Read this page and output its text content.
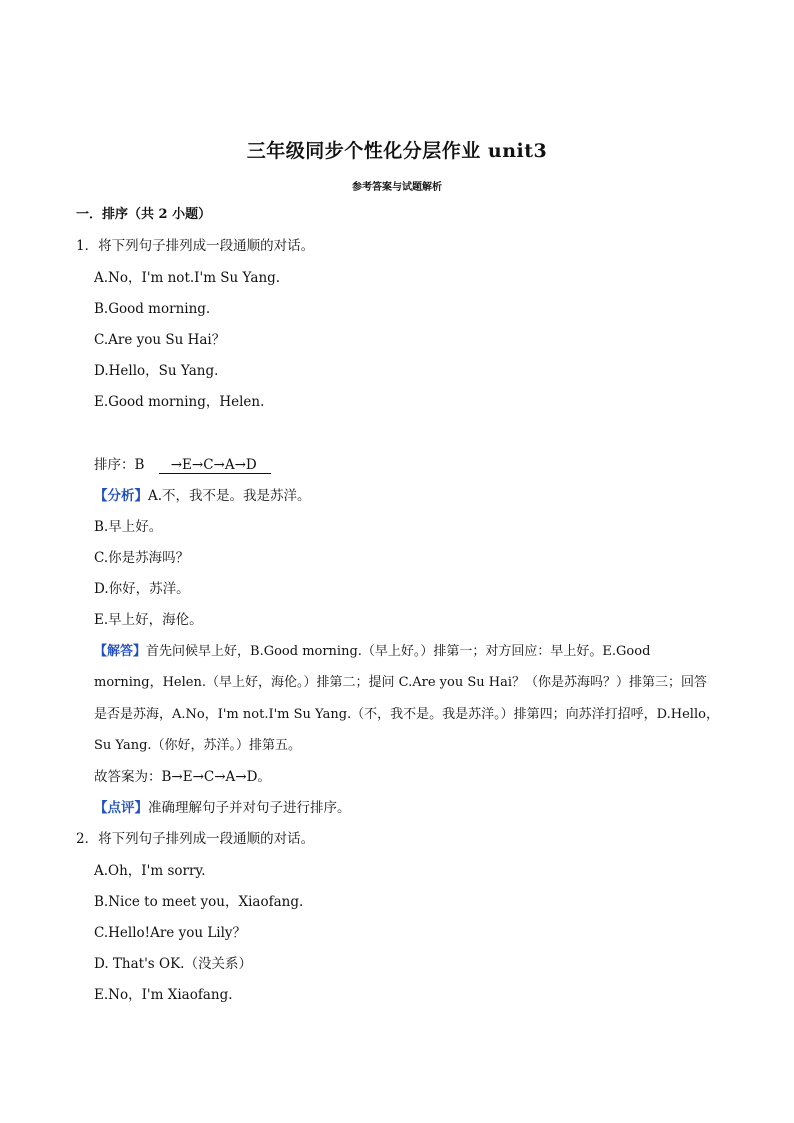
三年级同步个性化分层作业 unit3
参考答案与试题解析
一．排序（共 2 小题）
1．将下列句子排列成一段通顺的对话。
A.No，I'm not.I'm Su Yang.
B.Good morning.
C.Are you Su Hai？
D.Hello，Su Yang.
E.Good morning，Helen.
排序：B →E→C→A→D
【分析】A.不，我不是。我是苏洋。
B.早上好。
C.你是苏海吗？
D.你好，苏洋。
E.早上好，海伦。
【解答】首先问候早上好，B.Good morning.（早上好。）排第一；对方回应：早上好。E.Good
morning，Helen.（早上好，海伦。）排第二；提问 C.Are you Su Hai？（你是苏海吗？）排第三；回答
是否是苏海，A.No，I'm not.I'm Su Yang.（不，我不是。我是苏洋。）排第四；向苏洋打招呼，D.Hello，
Su Yang.（你好，苏洋。）排第五。
故答案为：B→E→C→A→D。
【点评】准确理解句子并对句子进行排序。
2．将下列句子排列成一段通顺的对话。
A.Oh，I'm sorry.
B.Nice to meet you，Xiaofang.
C.Hello!Are you Lily？
D. That's OK.（没关系）
E.No，I'm Xiaofang.
